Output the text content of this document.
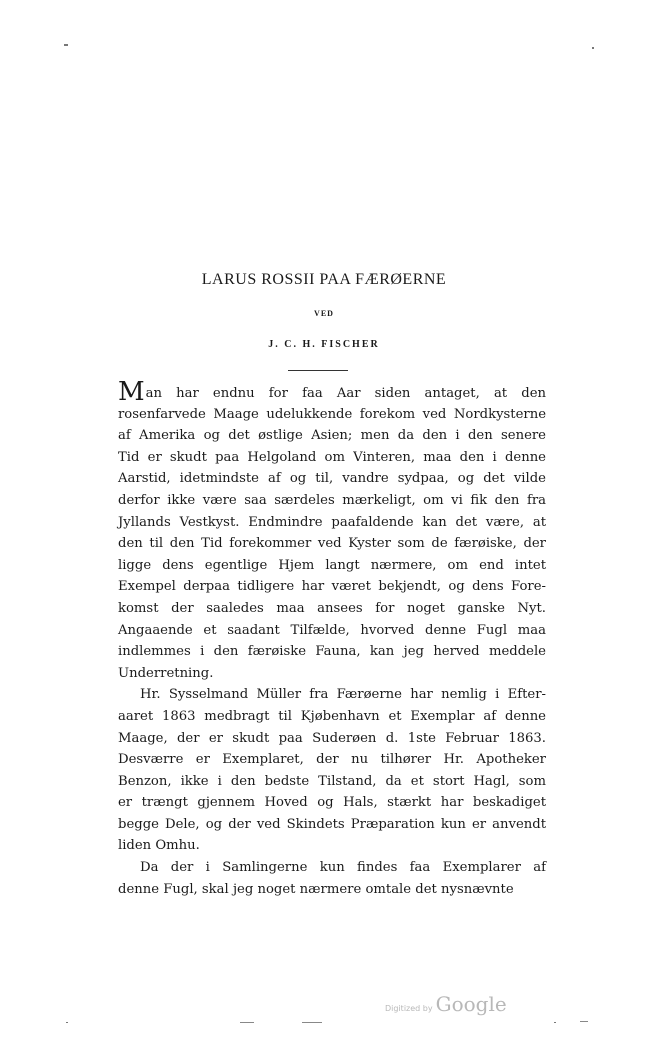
LARUS ROSSII PAA FÆRØERNE
VED
J. C. H. FISCHER
Man har endnu for faa Aar siden antaget, at den
rosenfarvede Maage udelukkende forekom ved Nordkysterne
af Amerika og det østlige Asien; men da den i den senere
Tid er skudt paa Helgoland om Vinteren, maa den i denne
Aarstid, idetmindste af og til, vandre sydpaa, og det vilde
derfor ikke være saa særdeles mærkeligt, om vi fik den fra
Jyllands Vestkyst. Endmindre paafaldende kan det være, at
den til den Tid forekommer ved Kyster som de færøiske, der
ligge dens egentlige Hjem langt nærmere, om end intet
Exempel derpaa tidligere har været bekjendt, og dens Fore-
komst der saaledes maa ansees for noget ganske Nyt.
Angaaende et saadant Tilfælde, hvorved denne Fugl maa
indlemmes i den færøiske Fauna, kan jeg herved meddele
Underretning.
Hr. Sysselmand Müller fra Færøerne har nemlig i Efter-
aaret 1863 medbragt til Kjøbenhavn et Exemplar af denne
Maage, der er skudt paa Suderøen d. 1ste Februar 1863.
Desværre er Exemplaret, der nu tilhører Hr. Apotheker
Benzon, ikke i den bedste Tilstand, da et stort Hagl, som
er trængt gjennem Hoved og Hals, stærkt har beskadiget
begge Dele, og der ved Skindets Præparation kun er anvendt
liden Omhu.
Da der i Samlingerne kun findes faa Exemplarer af
denne Fugl, skal jeg noget nærmere omtale det nysnævnte
Digitized by Google
